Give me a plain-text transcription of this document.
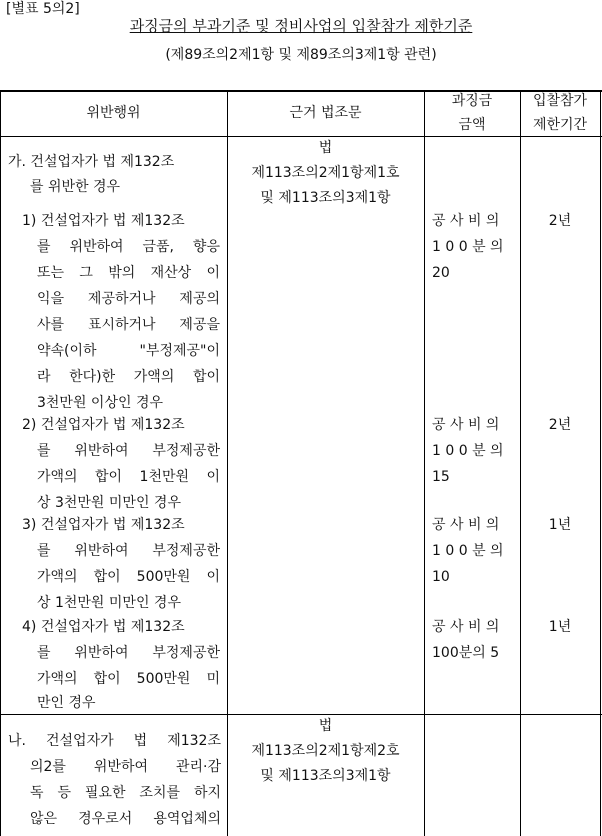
[별표 5의2]
과징금의 부과기준 및 정비사업의 입찰참가 제한기준
(제89조의2제1항 및 제89조의3제1항 관련)
위반행위	근거 법조문
과징금
금액
입찰참가
제한기간
가. 건설업자가 법 제132조
를 위반한 경우
법
제113조의2제1항제1호
및 제113조의3제1항
1) 건설업자가 법 제132조
를 위반하여 금품, 향응
또는 그 밖의 재산상 이
익을 제공하거나 제공의
사를 표시하거나 제공을
약속(이하 "부정제공"이
라 한다)한 가액의 합이
3천만원 이상인 경우
공 사 비 의
1 0 0 분 의
20
2년
2) 건설업자가 법 제132조
를 위반하여 부정제공한
가액의 합이 1천만원 이
상 3천만원 미만인 경우
공 사 비 의
1 0 0 분 의
15
2년
3) 건설업자가 법 제132조
를 위반하여 부정제공한
가액의 합이 500만원 이
상 1천만원 미만인 경우
공 사 비 의
1 0 0 분 의
10
1년
4) 건설업자가 법 제132조
를 위반하여 부정제공한
가액의 합이 500만원 미
만인 경우
공 사 비 의
100분의 5
1년
나. 건설업자가 법 제132조
의2를 위반하여 관리·감
독 등 필요한 조치를 하지
않은 경우로서 용역업체의
법
제113조의2제1항제2호
및 제113조의3제1항
